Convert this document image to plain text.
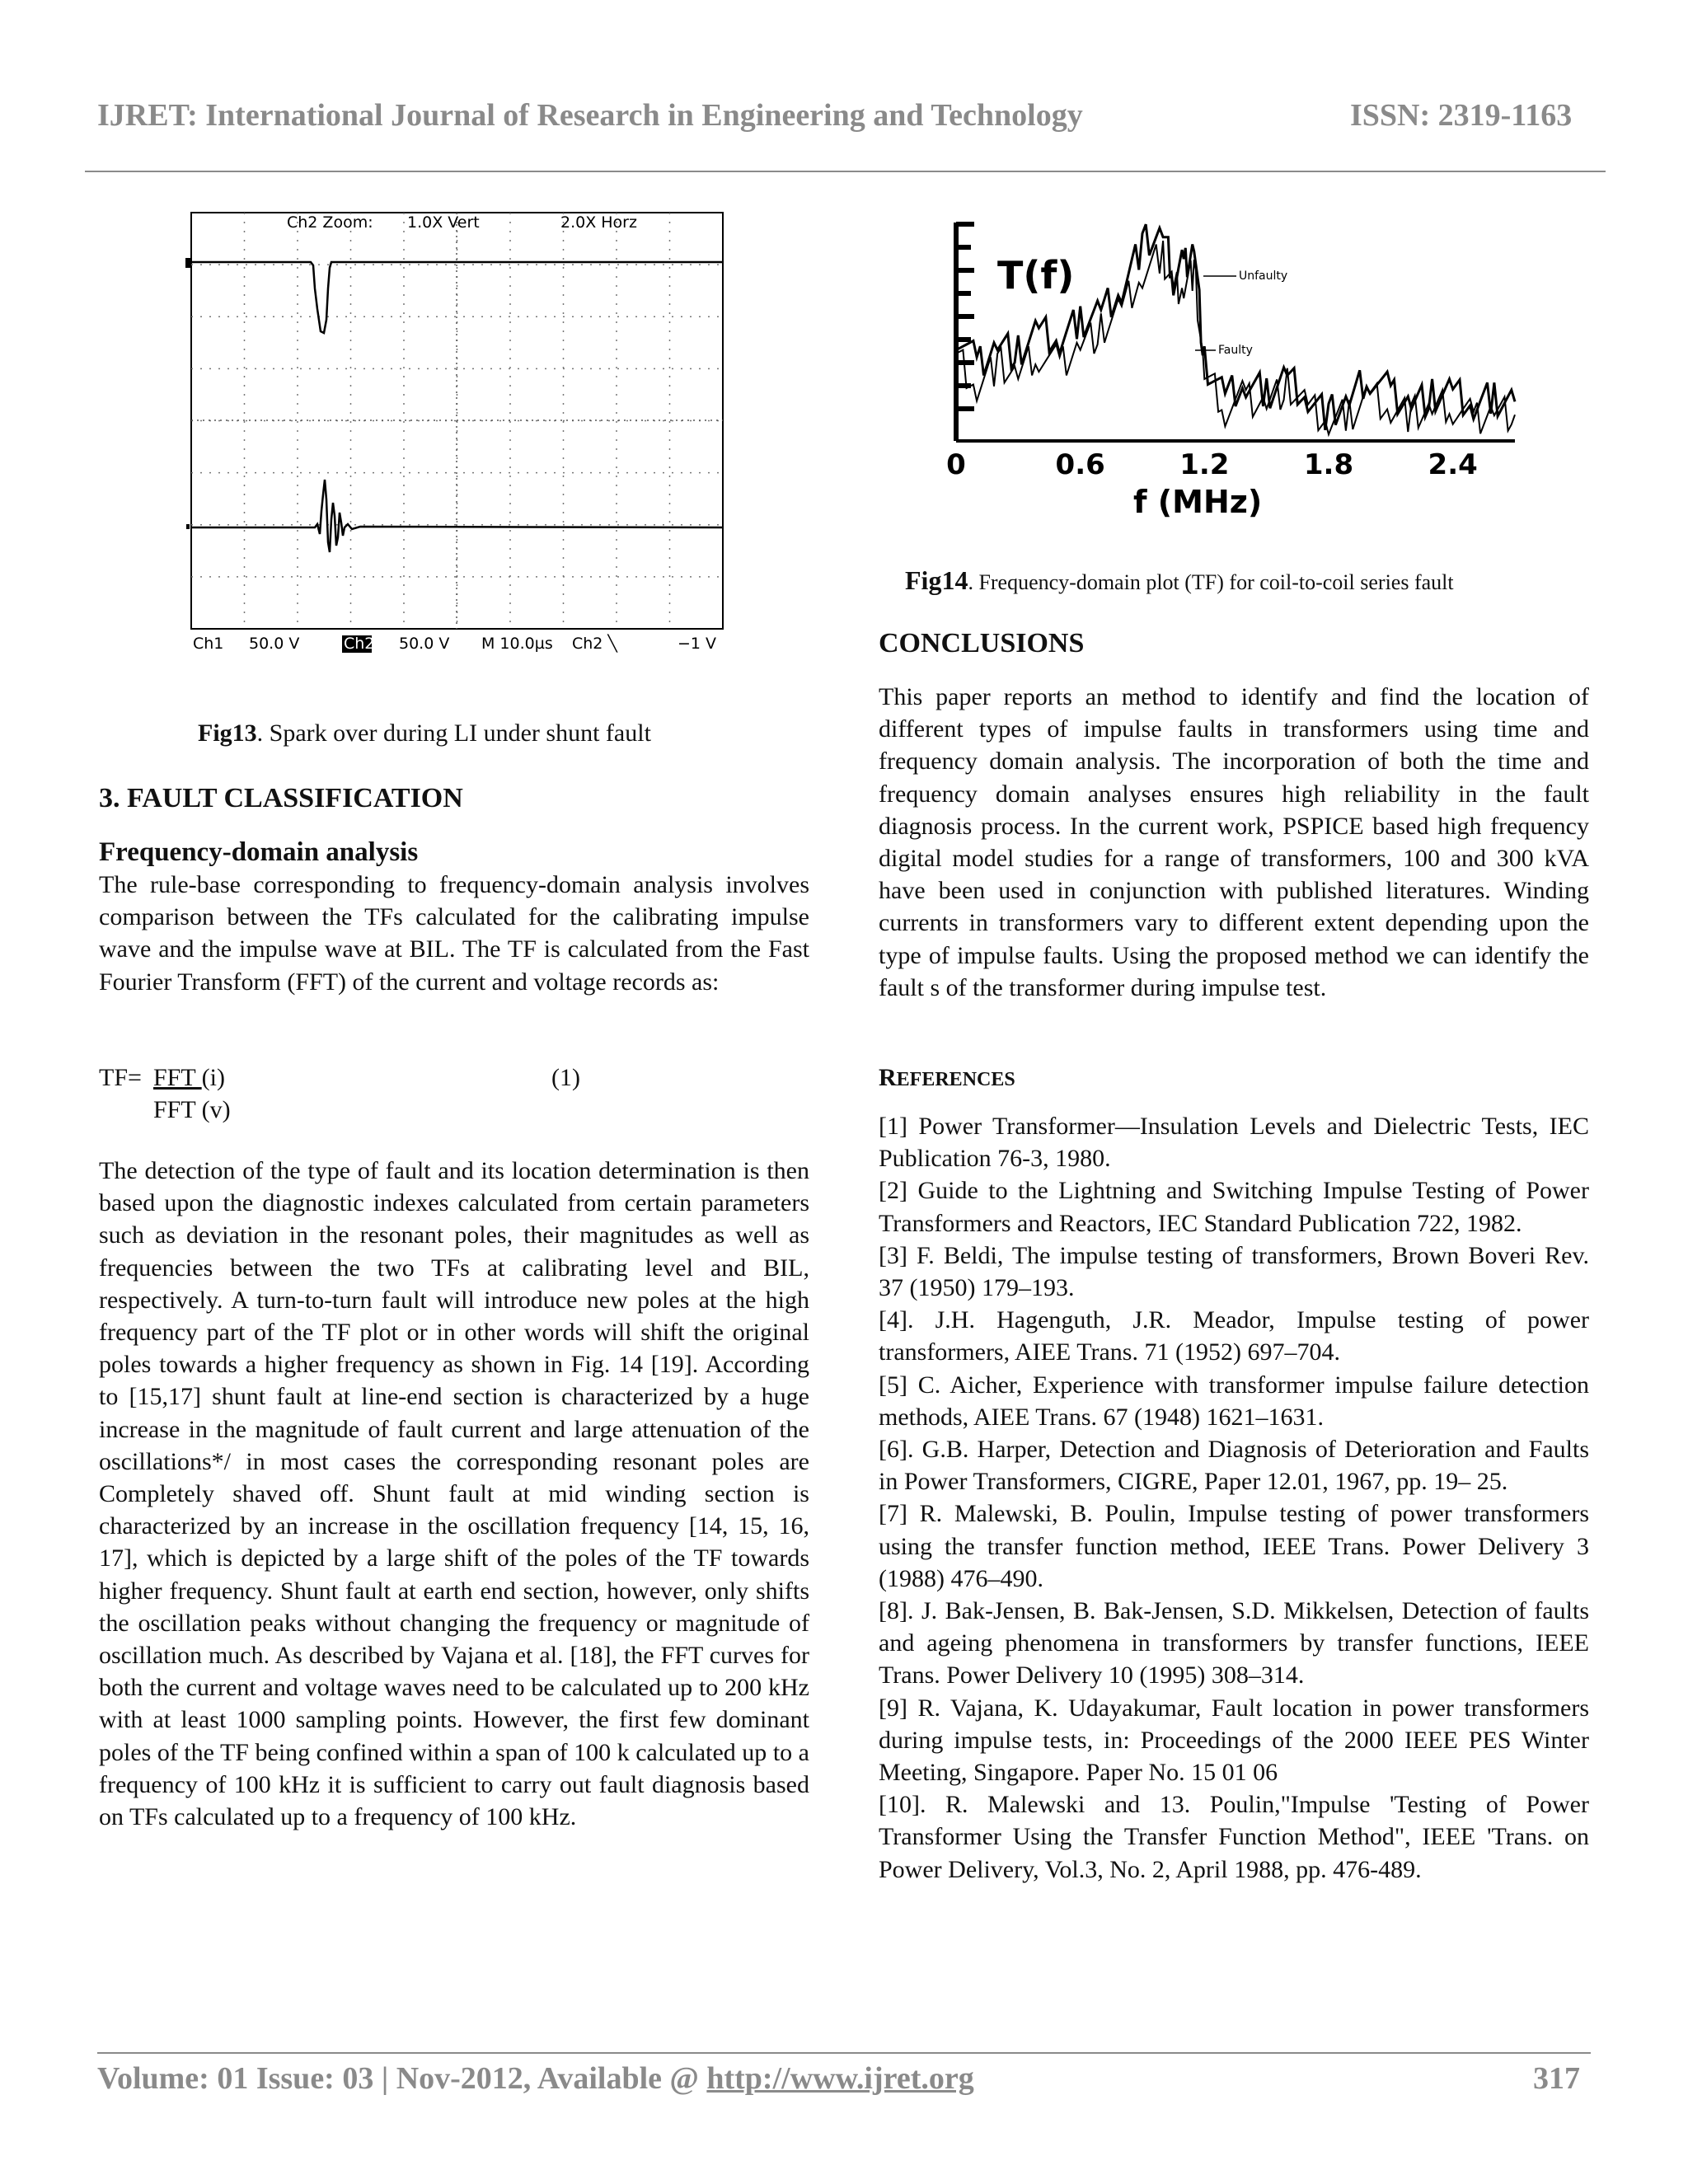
IJRET: International Journal of Research in Engineering and Technology	ISSN: 2319-1163
Ch2 Zoom: 1.0X Vert	2.0X Horz
Ch1 50.0 V	Ch2 50.0 V M 10.0µs Ch2 ╲	−1 V
Fig13. Spark over during LI under shunt fault
3. FAULT CLASSIFICATION
Frequency-domain analysis
The rule-base corresponding to frequency-domain analysis involves comparison between the TFs calculated for the calibrating impulse wave and the impulse wave at BIL. The TF is calculated from the Fast Fourier Transform (FFT) of the current and voltage records as:
TF= FFT (i)
FFT (v)
(1)
The detection of the type of fault and its location determination is then based upon the diagnostic indexes calculated from certain parameters such as deviation in the resonant poles, their magnitudes as well as frequencies between the two TFs at calibrating level and BIL, respectively. A turn-to-turn fault will introduce new poles at the high frequency part of the TF plot or in other words will shift the original poles towards a higher frequency as shown in Fig. 14 [19]. According to [15,17] shunt fault at line-end section is characterized by a huge increase in the magnitude of fault current and large attenuation of the oscillations*/ in most cases the corresponding resonant poles are Completely shaved off. Shunt fault at mid winding section is characterized by an increase in the oscillation frequency [14, 15, 16, 17], which is depicted by a large shift of the poles of the TF towards higher frequency. Shunt fault at earth end section, however, only shifts the oscillation peaks without changing the frequency or magnitude of oscillation much. As described by Vajana et al. [18], the FFT curves for both the current and voltage waves need to be calculated up to 200 kHz with at least 1000 sampling points. However, the first few dominant poles of the TF being confined within a span of 100 k calculated up to a frequency of 100 kHz it is sufficient to carry out fault diagnosis based on TFs calculated up to a frequency of 100 kHz.
T(f)
f (MHz)
0	0.6	1.2	1.8	2.4
Unfaulty
Faulty
Fig14. Frequency-domain plot (TF) for coil-to-coil series fault
CONCLUSIONS
This paper reports an method to identify and find the location of different types of impulse faults in transformers using time and frequency domain analysis. The incorporation of both the time and frequency domain analyses ensures high reliability in the fault diagnosis process. In the current work, PSPICE based high frequency digital model studies for a range of transformers, 100 and 300 kVA have been used in conjunction with published literatures. Winding currents in transformers vary to different extent depending upon the type of impulse faults. Using the proposed method we can identify the fault s of the transformer during impulse test.
REFERENCES

[1] Power Transformer—Insulation Levels and Dielectric Tests, IEC Publication 76-3, 1980.

[2] Guide to the Lightning and Switching Impulse Testing of Power Transformers and Reactors, IEC Standard Publication 722, 1982.

[3] F. Beldi, The impulse testing of transformers, Brown Boveri Rev. 37 (1950) 179–193.

[4]. J.H. Hagenguth, J.R. Meador, Impulse testing of power transformers, AIEE Trans. 71 (1952) 697–704.

[5] C. Aicher, Experience with transformer impulse failure detection methods, AIEE Trans. 67 (1948) 1621–1631.

[6]. G.B. Harper, Detection and Diagnosis of Deterioration and Faults in Power Transformers, CIGRE, Paper 12.01, 1967, pp. 19– 25.

[7] R. Malewski, B. Poulin, Impulse testing of power transformers using the transfer function method, IEEE Trans. Power Delivery 3 (1988) 476–490.

[8]. J. Bak-Jensen, B. Bak-Jensen, S.D. Mikkelsen, Detection of faults and ageing phenomena in transformers by transfer functions, IEEE Trans. Power Delivery 10 (1995) 308–314.

[9] R. Vajana, K. Udayakumar, Fault location in power transformers during impulse tests, in: Proceedings of the 2000 IEEE PES Winter Meeting, Singapore. Paper No. 15 01 06

[10]. R. Malewski and 13. Poulin,"Impulse 'Testing of Power Transformer Using the Transfer Function Method", IEEE 'Trans. on Power Delivery, Vol.3, No. 2, April 1988, pp. 476-489.

Volume: 01 Issue: 03 | Nov-2012, Available @ http://www.ijret.org	317
